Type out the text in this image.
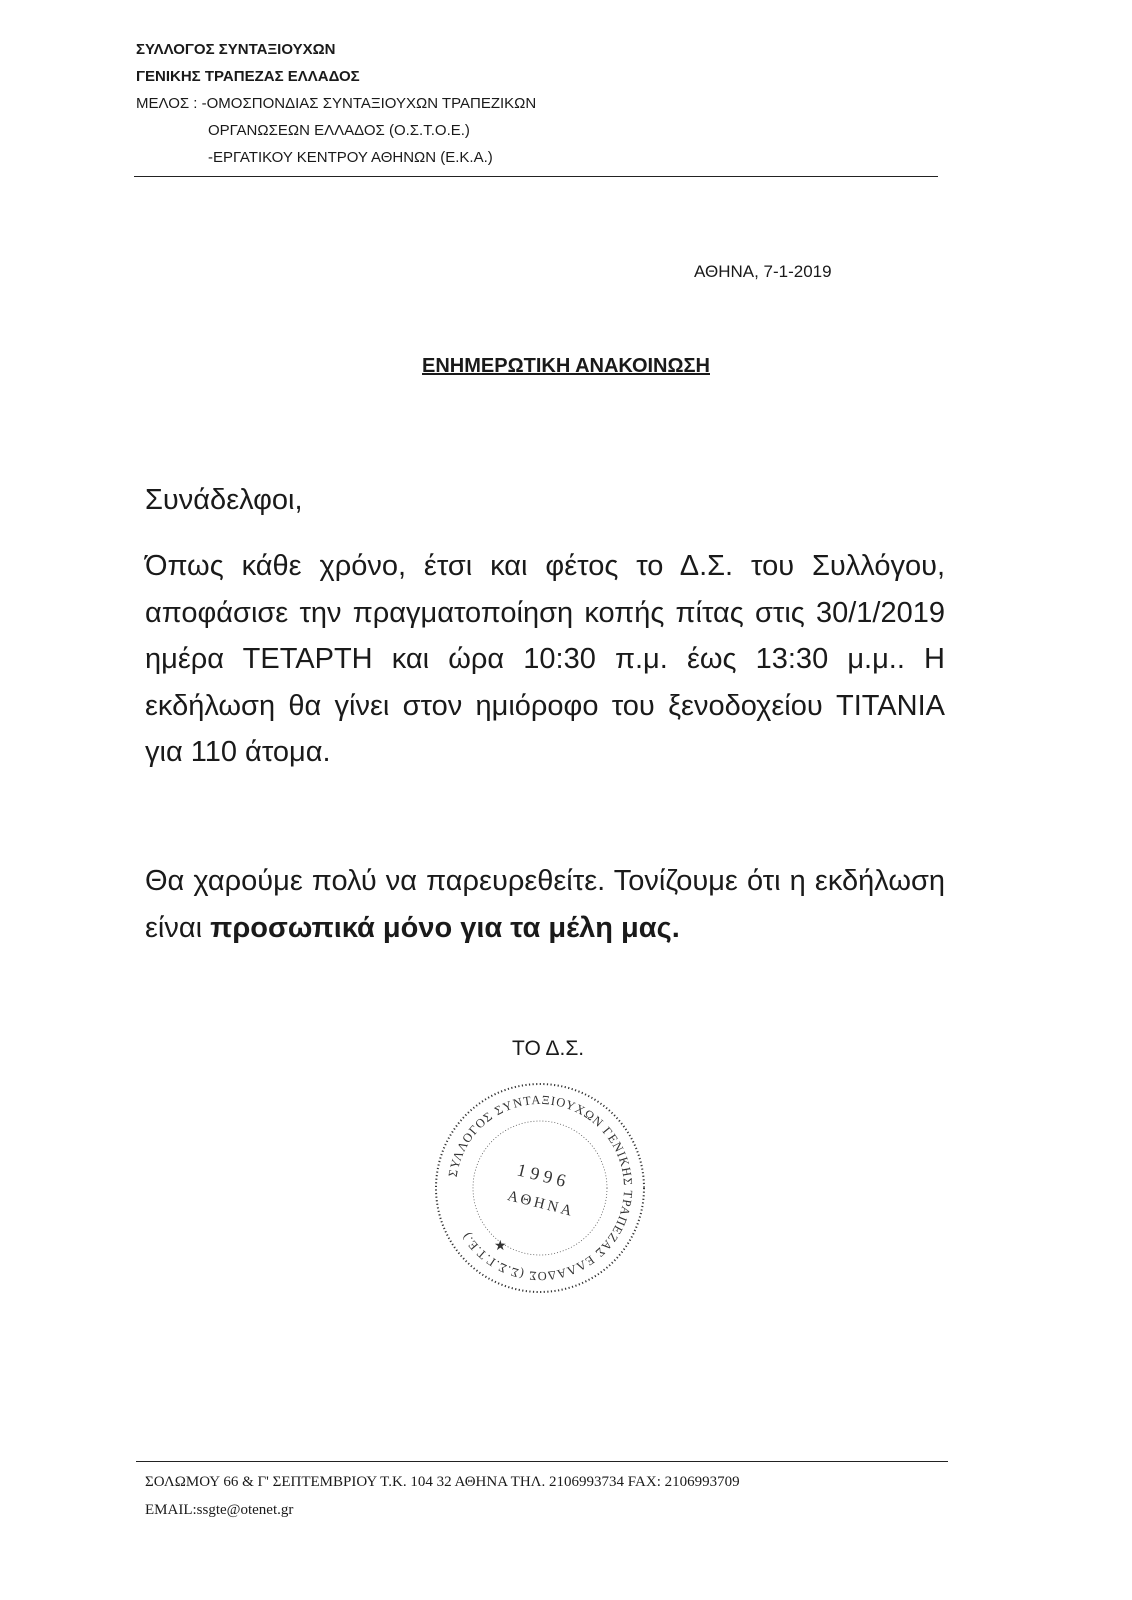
ΣΥΛΛΟΓΟΣ ΣΥΝΤΑΞΙΟΥΧΩΝ
ΓΕΝΙΚΗΣ ΤΡΑΠΕΖΑΣ ΕΛΛΑΔΟΣ
ΜΕΛΟΣ : -ΟΜΟΣΠΟΝΔΙΑΣ ΣΥΝΤΑΞΙΟΥΧΩΝ ΤΡΑΠΕΖΙΚΩΝ
ΟΡΓΑΝΩΣΕΩΝ ΕΛΛΑΔΟΣ (Ο.Σ.Τ.Ο.Ε.)
-ΕΡΓΑΤΙΚΟΥ ΚΕΝΤΡΟΥ ΑΘΗΝΩΝ (Ε.Κ.Α.)
ΑΘΗΝΑ, 7-1-2019
ΕΝΗΜΕΡΩΤΙΚΗ ΑΝΑΚΟΙΝΩΣΗ
Συνάδελφοι,
Όπως κάθε χρόνο, έτσι και φέτος το Δ.Σ. του Συλλόγου, αποφάσισε την πραγματοποίηση κοπής πίτας στις 30/1/2019 ημέρα ΤΕΤΑΡΤΗ και ώρα 10:30 π.μ. έως 13:30 μ.μ.. Η εκδήλωση θα γίνει στον ημιόροφο του ξενοδοχείου TITANIA για 110 άτομα.
Θα χαρούμε πολύ να παρευρεθείτε. Τονίζουμε ότι η εκδήλωση είναι προσωπικά μόνο για τα μέλη μας.
ΤΟ Δ.Σ.
ΣΥΛΛΟΓΟΣ ΣΥΝΤΑΞΙΟΥΧΩΝ ΓΕΝΙΚΗΣ ΤΡΑΠΕΖΑΣ ΕΛΛΑΔΟΣ (Σ.Σ.Γ.Τ.Ε.)
1 9 9 6
ΑΘΗΝΑ
★
ΣΟΛΩΜΟΥ 66 & Γ' ΣΕΠΤΕΜΒΡΙΟΥ Τ.Κ. 104 32 ΑΘΗΝΑ ΤΗΛ. 2106993734 FAX: 2106993709
EMAIL:ssgte@otenet.gr
